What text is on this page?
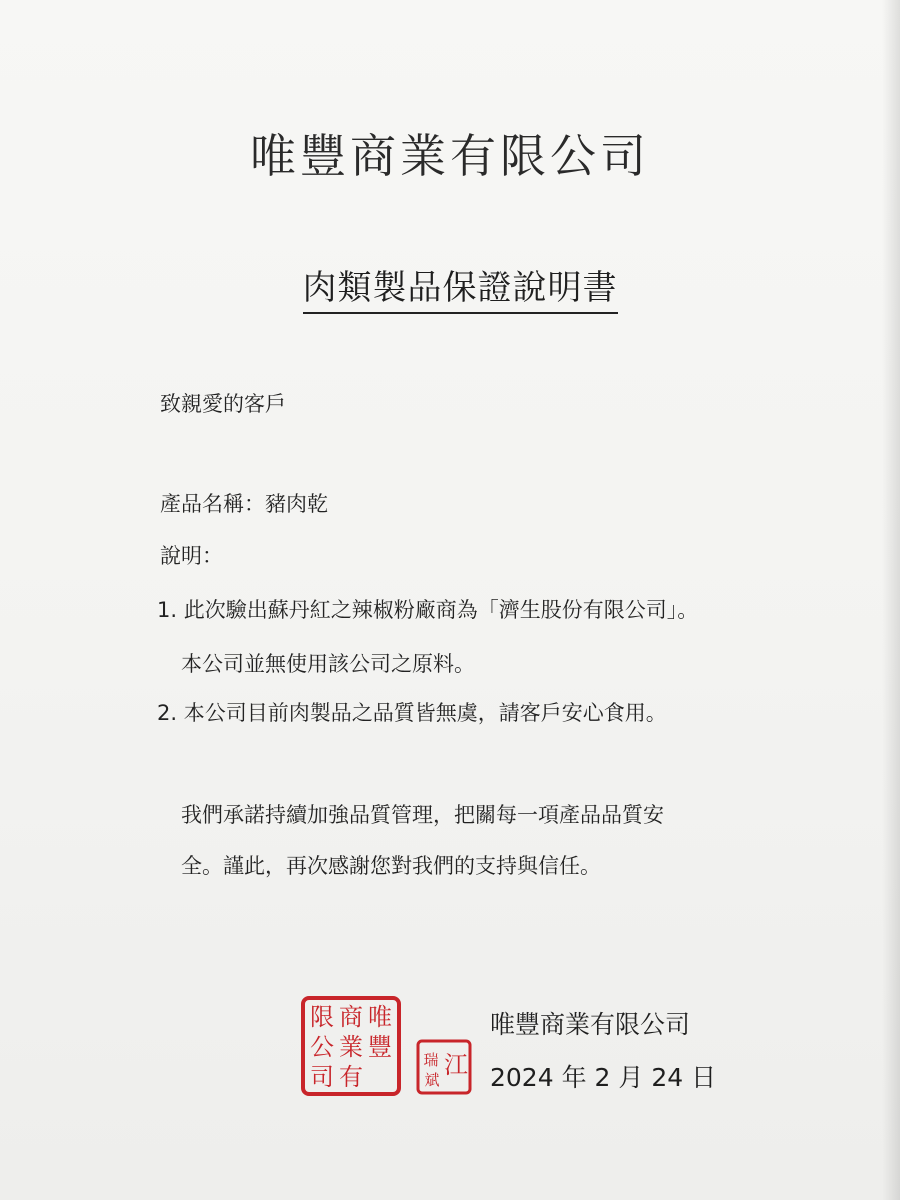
唯豐商業有限公司
肉類製品保證說明書
致親愛的客戶
產品名稱：豬肉乾
說明：
1. 此次驗出蘇丹紅之辣椒粉廠商為「濟生股份有限公司」。
本公司並無使用該公司之原料。
2. 本公司目前肉製品之品質皆無虞，請客戶安心食用。
我們承諾持續加強品質管理，把關每一項產品品質安
全。謹此，再次感謝您對我們的支持與信任。
唯
豐
商
業
有
限
公
司	江
瑞
斌
唯豐商業有限公司
2024 年 2 月 24 日
